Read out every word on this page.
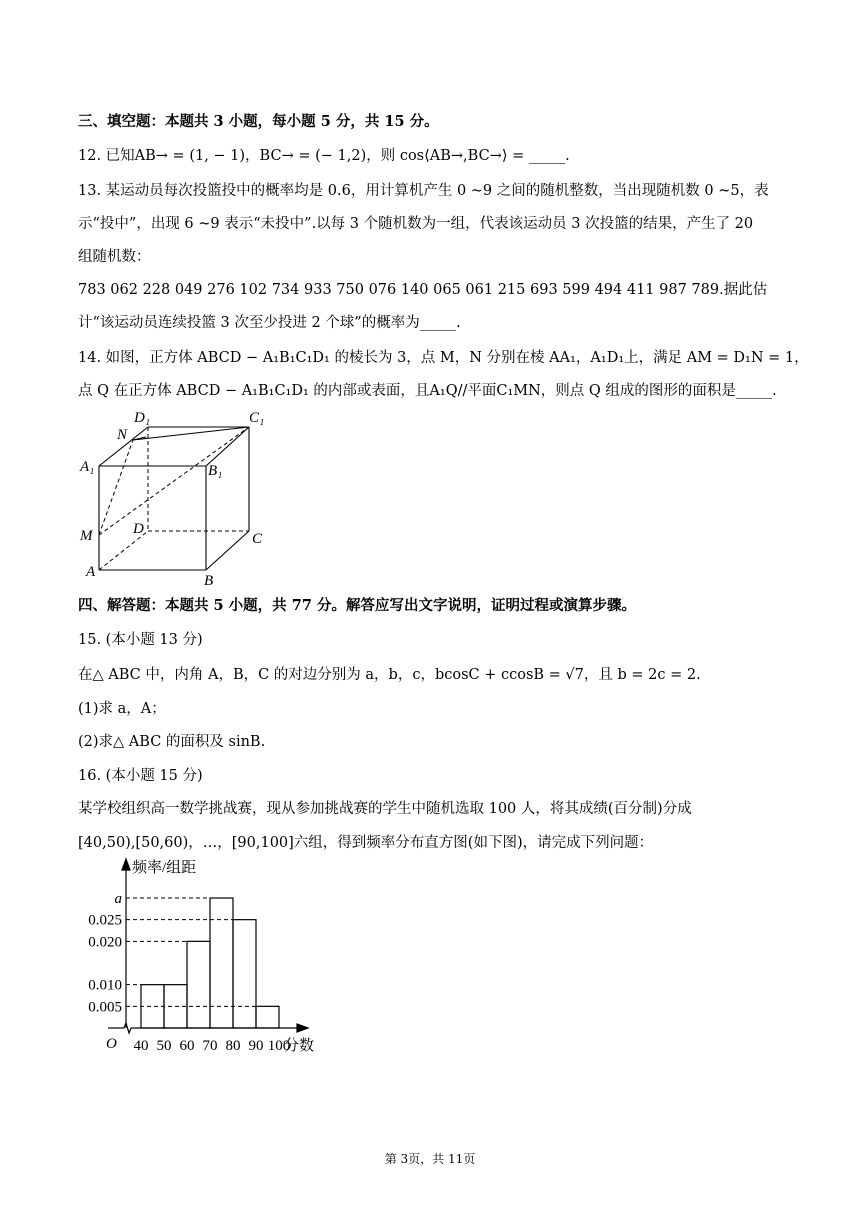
三、填空题：本题共 3 小题，每小题 5 分，共 15 分。
12. 已知AB→ = (1, − 1)，BC→ = (− 1,2)，则 cos⟨AB→,BC→⟩ = _____.
13. 某运动员每次投篮投中的概率均是 0.6，用计算机产生 0 ~9 之间的随机整数，当出现随机数 0 ~5，表
示“投中”，出现 6 ~9 表示“未投中”.以每 3 个随机数为一组，代表该运动员 3 次投篮的结果，产生了 20
组随机数：
783 062 228 049 276 102 734 933 750 076 140 065 061 215 693 599 494 411 987 789.据此估
计“该运动员连续投篮 3 次至少投进 2 个球”的概率为_____.
14. 如图，正方体 ABCD − A₁B₁C₁D₁ 的棱长为 3，点 M，N 分别在棱 AA₁，A₁D₁上，满足 AM = D₁N = 1，
点 Q 在正方体 ABCD − A₁B₁C₁D₁ 的内部或表面，且A₁Q//平面C₁MN，则点 Q 组成的图形的面积是_____.
D₁	C₁
N
A₁	B₁
M	D
C
A
B
四、解答题：本题共 5 小题，共 77 分。解答应写出文字说明，证明过程或演算步骤。
15. (本小题 13 分)
在△ ABC 中，内角 A，B，C 的对边分别为 a，b，c，bcosC + ccosB = √7，且 b = 2c = 2.
(1)求 a，A；
(2)求△ ABC 的面积及 sinB.
16. (本小题 15 分)
某学校组织高一数学挑战赛，现从参加挑战赛的学生中随机选取 100 人，将其成绩(百分制)分成
[40,50),[50,60)，…，[90,100]六组，得到频率分布直方图(如下图)，请完成下列问题：
0.010
0.020
a
0.025
0.005
40 50 60 70 80 90 100
频率/组距
分数
O
第 3页，共 11页
